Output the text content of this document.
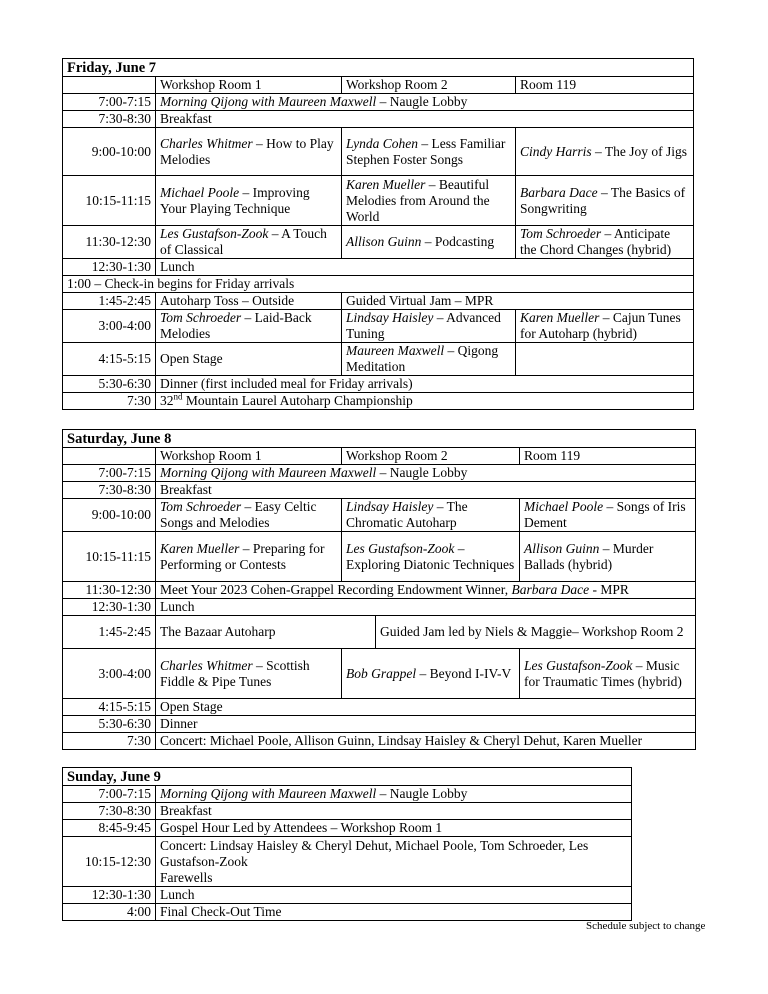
Friday, June 7			
	Workshop Room 1	Workshop Room 2	Room 119
7:00-7:15	Morning Qijong with Maureen Maxwell – Naugle Lobby		
7:30-8:30	Breakfast		
9:00-10:00	Charles Whitmer – How to Play Melodies	Lynda Cohen – Less Familiar Stephen Foster Songs	Cindy Harris – The Joy of Jigs
10:15-11:15	Michael Poole – Improving Your Playing Technique	Karen Mueller – Beautiful Melodies from Around the World	Barbara Dace – The Basics of Songwriting
11:30-12:30	Les Gustafson-Zook – A Touch of Classical	Allison Guinn – Podcasting	Tom Schroeder – Anticipate the Chord Changes (hybrid)
12:30-1:30	Lunch		
1:00 – Check-in begins for Friday arrivals			
1:45-2:45	Autoharp Toss – Outside	Guided Virtual Jam – MPR	
3:00-4:00	Tom Schroeder – Laid-Back Melodies	Lindsay Haisley – Advanced Tuning	Karen Mueller – Cajun Tunes for Autoharp (hybrid)
4:15-5:15	Open Stage	Maureen Maxwell – Qigong Meditation	
5:30-6:30	Dinner (first included meal for Friday arrivals)		
7:30	32nd Mountain Laurel Autoharp Championship		
Saturday, June 8				
	Workshop Room 1	Workshop Room 2		Room 119
7:00-7:15	Morning Qijong with Maureen Maxwell – Naugle Lobby			
7:30-8:30	Breakfast			
9:00-10:00	Tom Schroeder – Easy Celtic Songs and Melodies	Lindsay Haisley – The Chromatic Autoharp		Michael Poole – Songs of Iris Dement
10:15-11:15	Karen Mueller – Preparing for Performing or Contests	Les Gustafson-Zook – Exploring Diatonic Techniques		Allison Guinn – Murder Ballads (hybrid)
11:30-12:30	Meet Your 2023 Cohen-Grappel Recording Endowment Winner, Barbara Dace - MPR			
12:30-1:30	Lunch			
1:45-2:45	The Bazaar Autoharp		Guided Jam led by Niels & Maggie– Workshop Room 2	
3:00-4:00	Charles Whitmer – Scottish Fiddle & Pipe Tunes	Bob Grappel – Beyond I-IV-V		Les Gustafson-Zook – Music for Traumatic Times (hybrid)
4:15-5:15	Open Stage			
5:30-6:30	Dinner			
7:30	Concert: Michael Poole, Allison Guinn, Lindsay Haisley & Cheryl Dehut, Karen Mueller			
Sunday, June 9	
7:00-7:15	Morning Qijong with Maureen Maxwell – Naugle Lobby
7:30-8:30	Breakfast
8:45-9:45	Gospel Hour Led by Attendees – Workshop Room 1
10:15-12:30	Concert: Lindsay Haisley & Cheryl Dehut, Michael Poole, Tom Schroeder, Les Gustafson-Zook
Farewells

12:30-1:30	Lunch
4:00	Final Check-Out Time
Schedule subject to change
